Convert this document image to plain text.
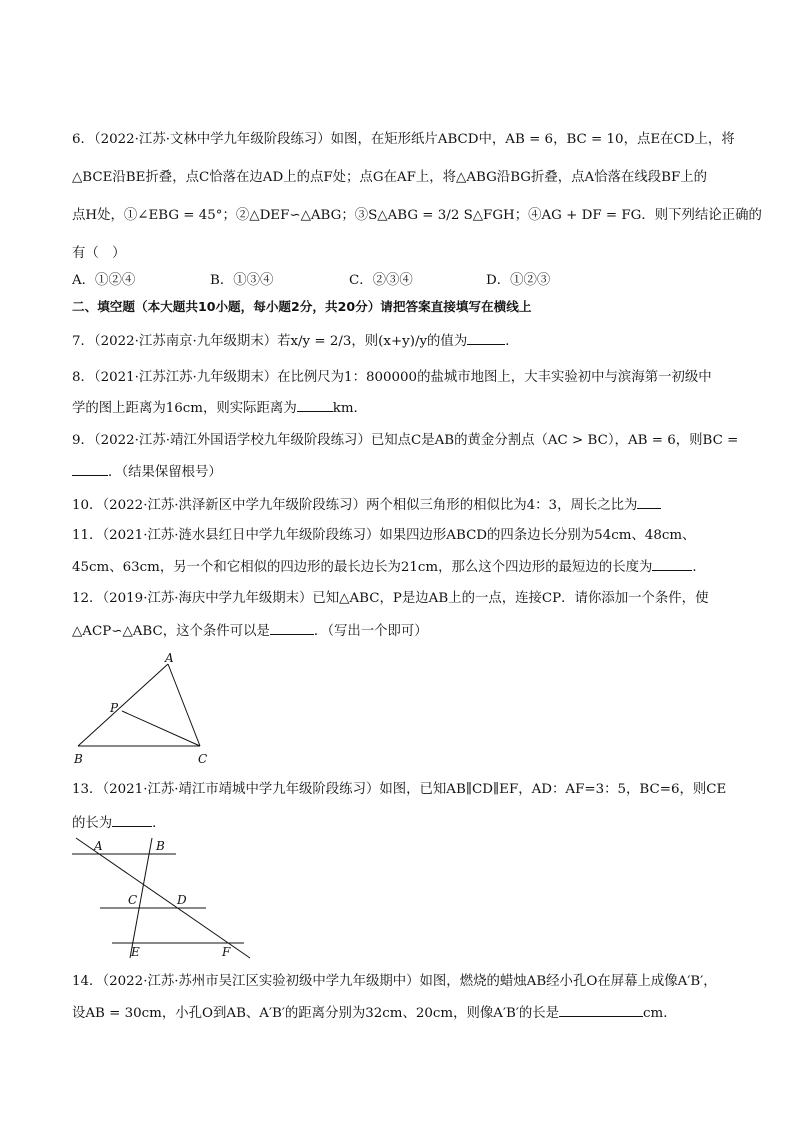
6．（2022·江苏·文林中学九年级阶段练习）如图，在矩形纸片ABCD中，AB = 6，BC = 10，点E在CD上，将
△BCE沿BE折叠，点C恰落在边AD上的点F处；点G在AF上，将△ABG沿BG折叠，点A恰落在线段BF上的
点H处，①∠EBG = 45°；②△DEF∽△ABG；③S△ABG = 3/2 S△FGH；④AG + DF = FG．则下列结论正确的
有（　）
A．①②④	B．①③④	C．②③④	D．①②③
二、填空题（本大题共10小题，每小题2分，共20分）请把答案直接填写在横线上
7．（2022·江苏南京·九年级期末）若x/y = 2/3，则(x+y)/y的值为	．
8．（2021·江苏江苏·九年级期末）在比例尺为1：800000的盐城市地图上，大丰实验初中与滨海第一初级中
学的图上距离为16cm，则实际距离为	km．
9．（2022·江苏·靖江外国语学校九年级阶段练习）已知点C是AB的黄金分割点（AC > BC），AB = 6，则BC =
．（结果保留根号）
10．（2022·江苏·洪泽新区中学九年级阶段练习）两个相似三角形的相似比为4：3，周长之比为
11．（2021·江苏·涟水县红日中学九年级阶段练习）如果四边形ABCD的四条边长分别为54cm、48cm、
45cm、63cm，另一个和它相似的四边形的最长边长为21cm，那么这个四边形的最短边的长度为	．
12．（2019·江苏·海庆中学九年级期末）已知△ABC，P是边AB上的一点，连接CP．请你添加一个条件，使
△ACP∽△ABC，这个条件可以是	．（写出一个即可）
A
P
B	C
13．（2021·江苏·靖江市靖城中学九年级阶段练习）如图，已知AB∥CD∥EF，AD：AF=3：5，BC=6，则CE
的长为	．
A	B
C	D
E	F
14．（2022·江苏·苏州市吴江区实验初级中学九年级期中）如图，燃烧的蜡烛AB经小孔O在屏幕上成像A′B′，
设AB = 30cm，小孔O到AB、A′B′的距离分别为32cm、20cm，则像A′B′的长是	cm．
